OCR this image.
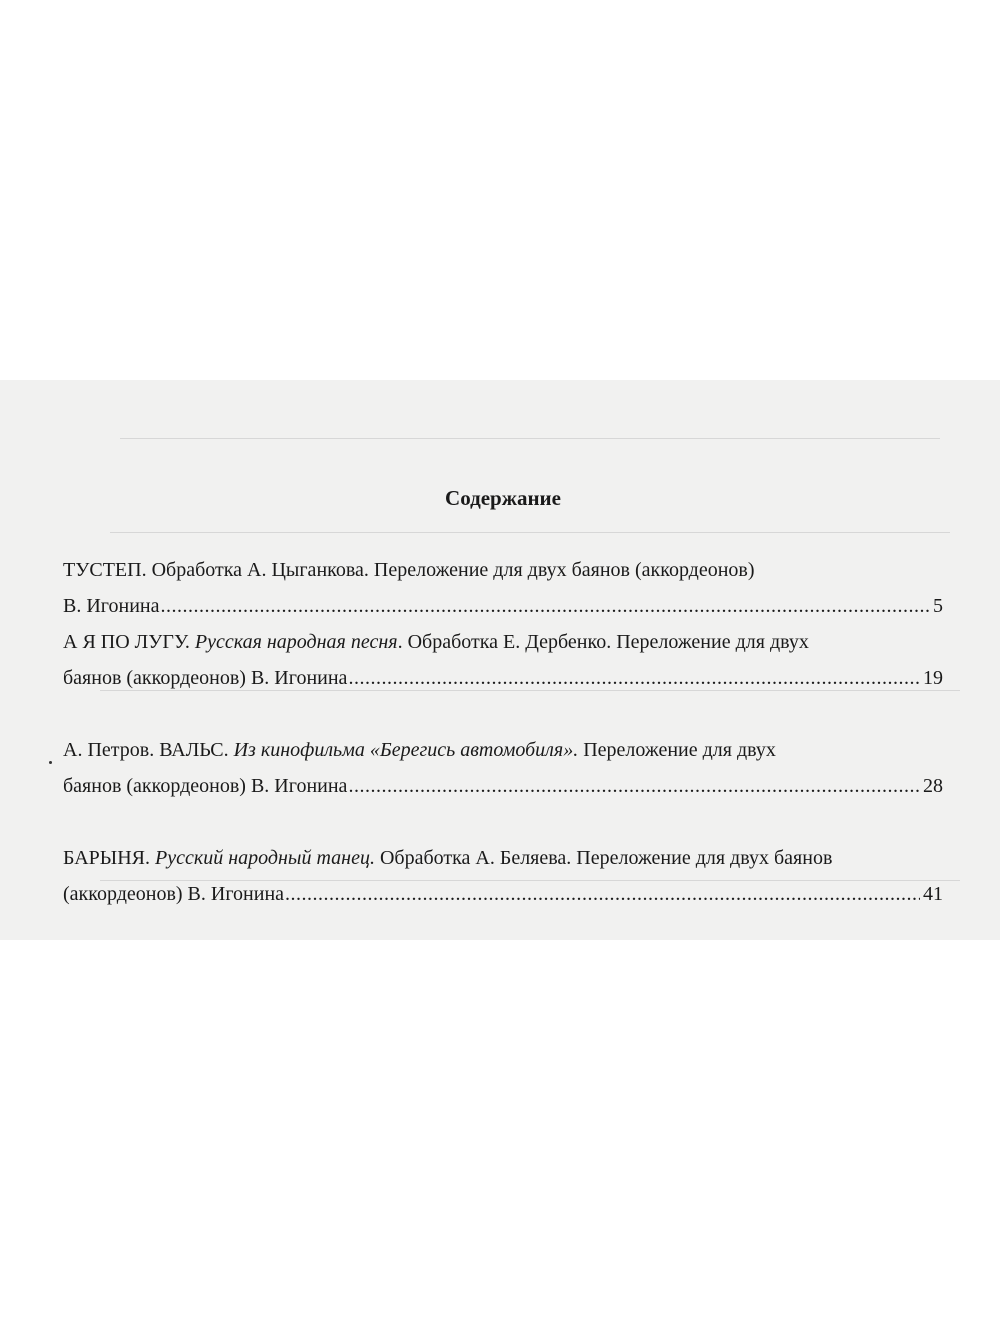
Содержание
ТУСТЕП. Обработка А. Цыганкова. Переложение для двух баянов (аккордеонов)
В. Игонина .....	5
А Я ПО ЛУГУ. Русская народная песня. Обработка Е. Дербенко. Переложение для двух
баянов (аккордеонов) В. Игонина .....	19
А. Петров. ВАЛЬС. Из кинофильма «Берегись автомобиля». Переложение для двух
баянов (аккордеонов) В. Игонина .....	28
БАРЫНЯ. Русский народный танец. Обработка А. Беляева. Переложение для двух баянов
(аккордеонов) В. Игонина .....	41
